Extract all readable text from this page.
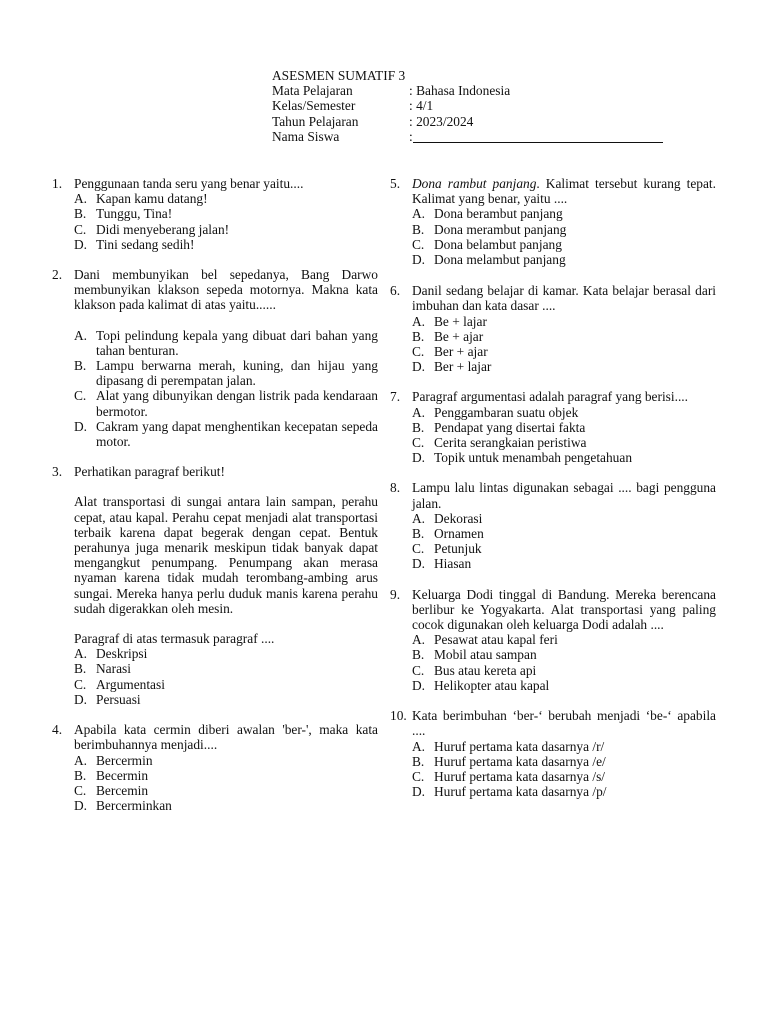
ASESMEN SUMATIF 3
Mata Pelajaran	: Bahasa Indonesia
Kelas/Semester	: 4/1
Tahun Pelajaran	: 2023/2024
Nama Siswa	:
1. Penggunaan tanda seru yang benar yaitu....
A. Kapan kamu datang!
B. Tunggu, Tina!
C. Didi menyeberang jalan!
D. Tini sedang sedih!
2. Dani membunyikan bel sepedanya, Bang Darwo membunyikan klakson sepeda motornya. Makna kata klakson pada kalimat di atas yaitu......
A. Topi pelindung kepala yang dibuat dari bahan yang tahan benturan.
B. Lampu berwarna merah, kuning, dan hijau yang dipasang di perempatan jalan.
C. Alat yang dibunyikan dengan listrik pada kendaraan bermotor.
D. Cakram yang dapat menghentikan kecepatan sepeda motor.
3. Perhatikan paragraf berikut!
Alat transportasi di sungai antara lain sampan, perahu cepat, atau kapal. Perahu cepat menjadi alat transportasi terbaik karena dapat begerak dengan cepat. Bentuk perahunya juga menarik meskipun tidak banyak dapat mengangkut penumpang. Penumpang akan merasa nyaman karena tidak mudah terombang-ambing arus sungai. Mereka hanya perlu duduk manis karena perahu sudah digerakkan oleh mesin.
Paragraf di atas termasuk paragraf ....
A. Deskripsi
B. Narasi
C. Argumentasi
D. Persuasi
4. Apabila kata cermin diberi awalan 'ber-', maka kata berimbuhannya menjadi....
A. Bercermin
B. Becermin
C. Bercemin
D. Bercerminkan
5. Dona rambut panjang. Kalimat tersebut kurang tepat. Kalimat yang benar, yaitu ....
A. Dona berambut panjang
B. Dona merambut panjang
C. Dona belambut panjang
D. Dona melambut panjang
6. Danil sedang belajar di kamar. Kata belajar berasal dari imbuhan dan kata dasar ....
A. Be + lajar
B. Be + ajar
C. Ber + ajar
D. Ber + lajar
7. Paragraf argumentasi adalah paragraf yang berisi....
A. Penggambaran suatu objek
B. Pendapat yang disertai fakta
C. Cerita serangkaian peristiwa
D. Topik untuk menambah pengetahuan
8. Lampu lalu lintas digunakan sebagai .... bagi pengguna jalan.
A. Dekorasi
B. Ornamen
C. Petunjuk
D. Hiasan
9. Keluarga Dodi tinggal di Bandung. Mereka berencana berlibur ke Yogyakarta. Alat transportasi yang paling cocok digunakan oleh keluarga Dodi adalah ....
A. Pesawat atau kapal feri
B. Mobil atau sampan
C. Bus atau kereta api
D. Helikopter atau kapal
10. Kata berimbuhan ‘ber-‘ berubah menjadi ‘be-‘ apabila ....
A. Huruf pertama kata dasarnya /r/
B. Huruf pertama kata dasarnya /e/
C. Huruf pertama kata dasarnya /s/
D. Huruf pertama kata dasarnya /p/
